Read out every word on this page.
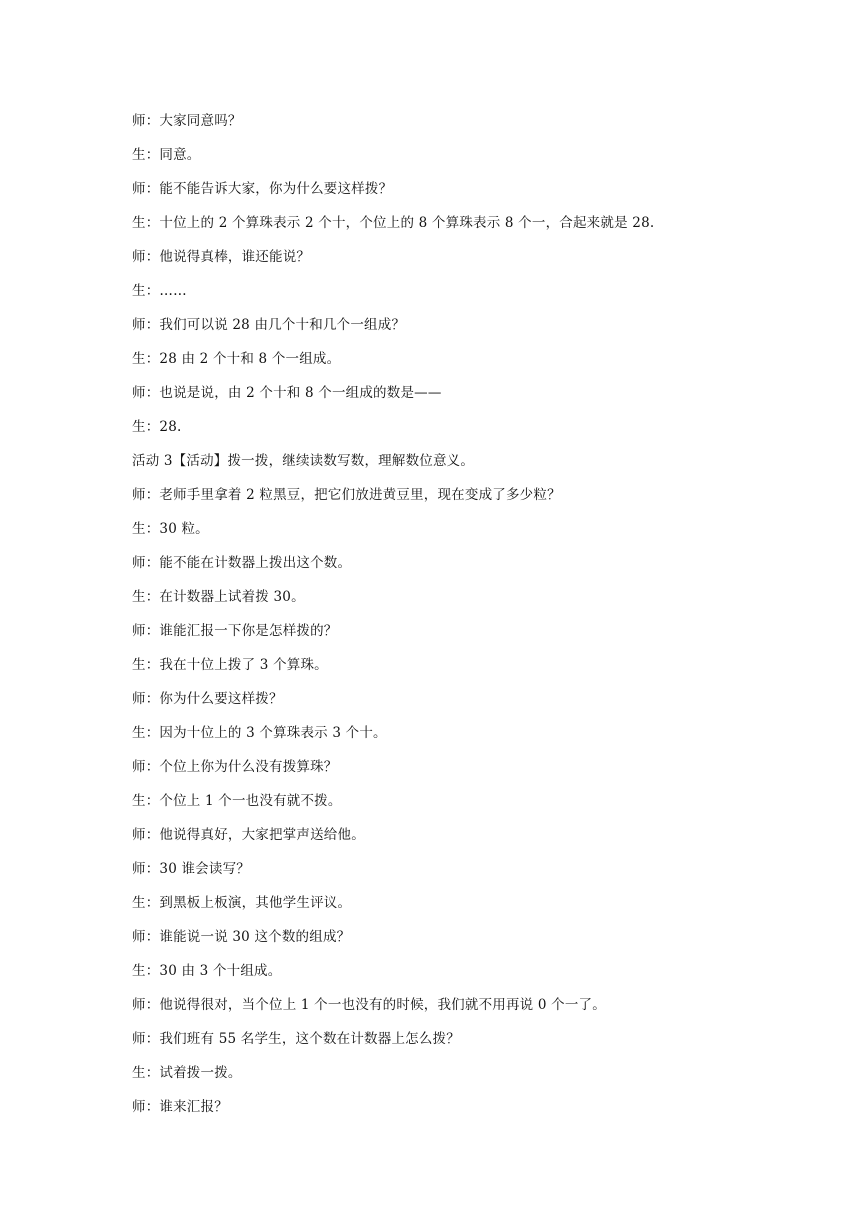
师：大家同意吗？
生：同意。
师：能不能告诉大家，你为什么要这样拨？
生：十位上的 2 个算珠表示 2 个十，个位上的 8 个算珠表示 8 个一，合起来就是 28.
师：他说得真棒，谁还能说？
生：……
师：我们可以说 28 由几个十和几个一组成？
生：28 由 2 个十和 8 个一组成。
师：也说是说，由 2 个十和 8 个一组成的数是——
生：28.
活动 3【活动】拨一拨，继续读数写数，理解数位意义。
师：老师手里拿着 2 粒黑豆，把它们放进黄豆里，现在变成了多少粒？
生：30 粒。
师：能不能在计数器上拨出这个数。
生：在计数器上试着拨 30。
师：谁能汇报一下你是怎样拨的？
生：我在十位上拨了 3 个算珠。
师：你为什么要这样拨？
生：因为十位上的 3 个算珠表示 3 个十。
师：个位上你为什么没有拨算珠？
生：个位上 1 个一也没有就不拨。
师：他说得真好，大家把掌声送给他。
师：30 谁会读写？
生：到黑板上板演，其他学生评议。
师：谁能说一说 30 这个数的组成？
生：30 由 3 个十组成。
师：他说得很对，当个位上 1 个一也没有的时候，我们就不用再说 0 个一了。
师：我们班有 55 名学生，这个数在计数器上怎么拨？
生：试着拨一拨。
师：谁来汇报？
